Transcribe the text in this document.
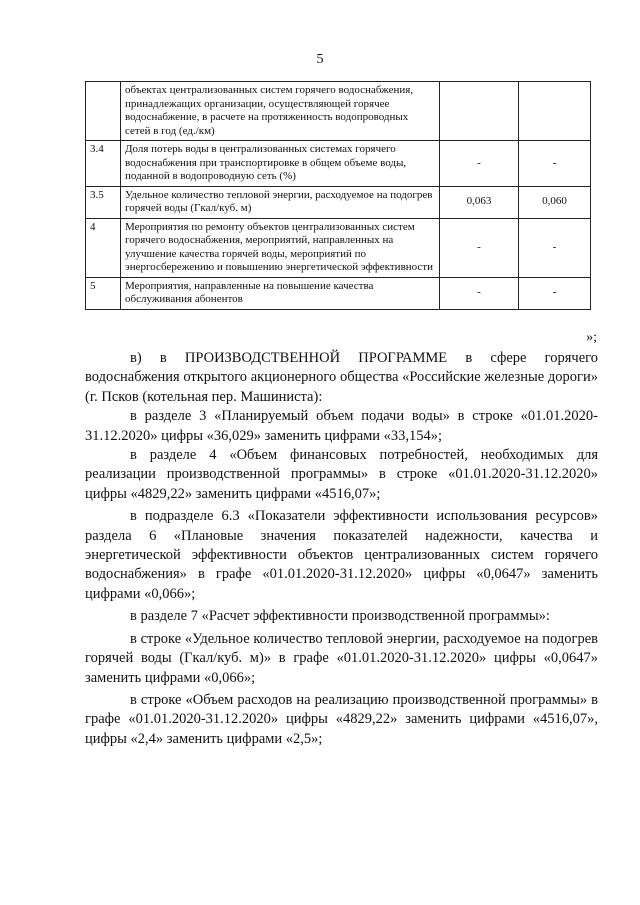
5
	объектах централизованных систем горячего водоснабжения, принадлежащих организации, осуществляющей горячее водоснабжение, в расчете на протяженность водопроводных сетей в год (ед./км)		
3.4	Доля потерь воды в централизованных системах горячего водоснабжения при транспортировке в общем объеме воды, поданной в водопроводную сеть (%)	-	-
3.5	Удельное количество тепловой энергии, расходуемое на подогрев горячей воды (Гкал/куб. м)	0,063	0,060
4	Мероприятия по ремонту объектов централизованных систем горячего водоснабжения, мероприятий, направленных на улучшение качества горячей воды, мероприятий по энергосбережению и повышению энергетической эффективности	-	-
5	Мероприятия, направленные на повышение качества обслуживания абонентов	-	-
»;

в) в ПРОИЗВОДСТВЕННОЙ ПРОГРАММЕ в сфере горячего водоснабжения открытого акционерного общества «Российские железные дороги» (г. Псков (котельная пер. Машиниста):

в разделе 3 «Планируемый объем подачи воды» в строке «01.01.2020-31.12.2020» цифры «36,029» заменить цифрами «33,154»;

в разделе 4 «Объем финансовых потребностей, необходимых для реализации производственной программы» в строке «01.01.2020-31.12.2020» цифры «4829,22» заменить цифрами «4516,07»;

в подразделе 6.3 «Показатели эффективности использования ресурсов» раздела 6 «Плановые значения показателей надежности, качества и энергетической эффективности объектов централизованных систем горячего водоснабжения» в графе «01.01.2020-31.12.2020» цифры «0,0647» заменить цифрами «0,066»;

в разделе 7 «Расчет эффективности производственной программы»:

в строке «Удельное количество тепловой энергии, расходуемое на подогрев горячей воды (Гкал/куб. м)» в графе «01.01.2020-31.12.2020» цифры «0,0647» заменить цифрами «0,066»;

в строке «Объем расходов на реализацию производственной программы» в графе «01.01.2020-31.12.2020» цифры «4829,22» заменить цифрами «4516,07», цифры «2,4» заменить цифрами «2,5»;
